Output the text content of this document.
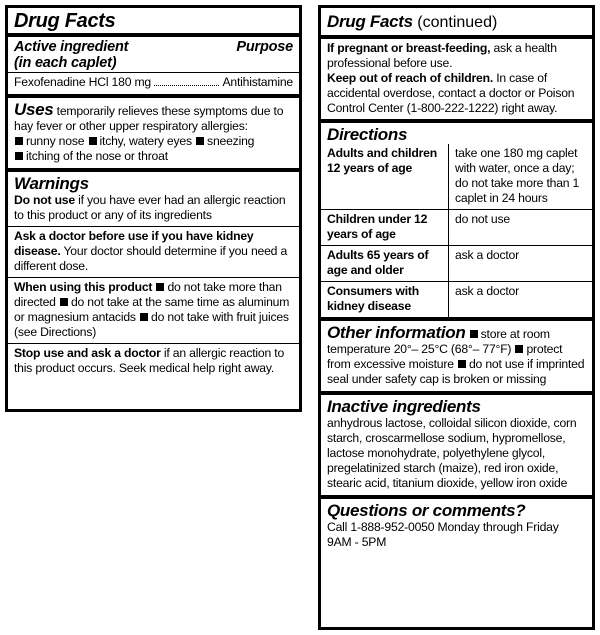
Drug Facts
Active ingredient	Purpose
(in each caplet)
Fexofenadine HCl 180 mg	Antihistamine
Uses temporarily relieves these symptoms due to hay fever or other upper respiratory allergies:
runny nose itchy, watery eyes sneezing
itching of the nose or throat
Warnings
Do not use if you have ever had an allergic reaction to this product or any of its ingredients
Ask a doctor before use if you have kidney disease. Your doctor should determine if you need a different dose.
When using this product do not take more than directed do not take at the same time as aluminum or magnesium antacids do not take with fruit juices (see Directions)
Stop use and ask a doctor if an allergic reaction to this product occurs. Seek medical help right away.
Drug Facts (continued)
If pregnant or breast-feeding, ask a health professional before use.
Keep out of reach of children. In case of accidental overdose, contact a doctor or Poison Control Center (1-800-222-1222) right away.
Directions
Adults and children 12 years of age	take one 180 mg caplet with water, once a day; do not take more than 1 caplet in 24 hours
Children under 12 years of age	do not use
Adults 65 years of age and older	ask a doctor
Consumers with kidney disease	ask a doctor
Other information store at room temperature 20°– 25°C (68°– 77°F) protect from excessive moisture do not use if imprinted seal under safety cap is broken or missing
Inactive ingredients
anhydrous lactose, colloidal silicon dioxide, corn starch, croscarmellose sodium, hypromellose, lactose monohydrate, polyethylene glycol, pregelatinized starch (maize), red iron oxide, stearic acid, titanium dioxide, yellow iron oxide
Questions or comments?
Call 1-888-952-0050 Monday through Friday 9AM - 5PM
